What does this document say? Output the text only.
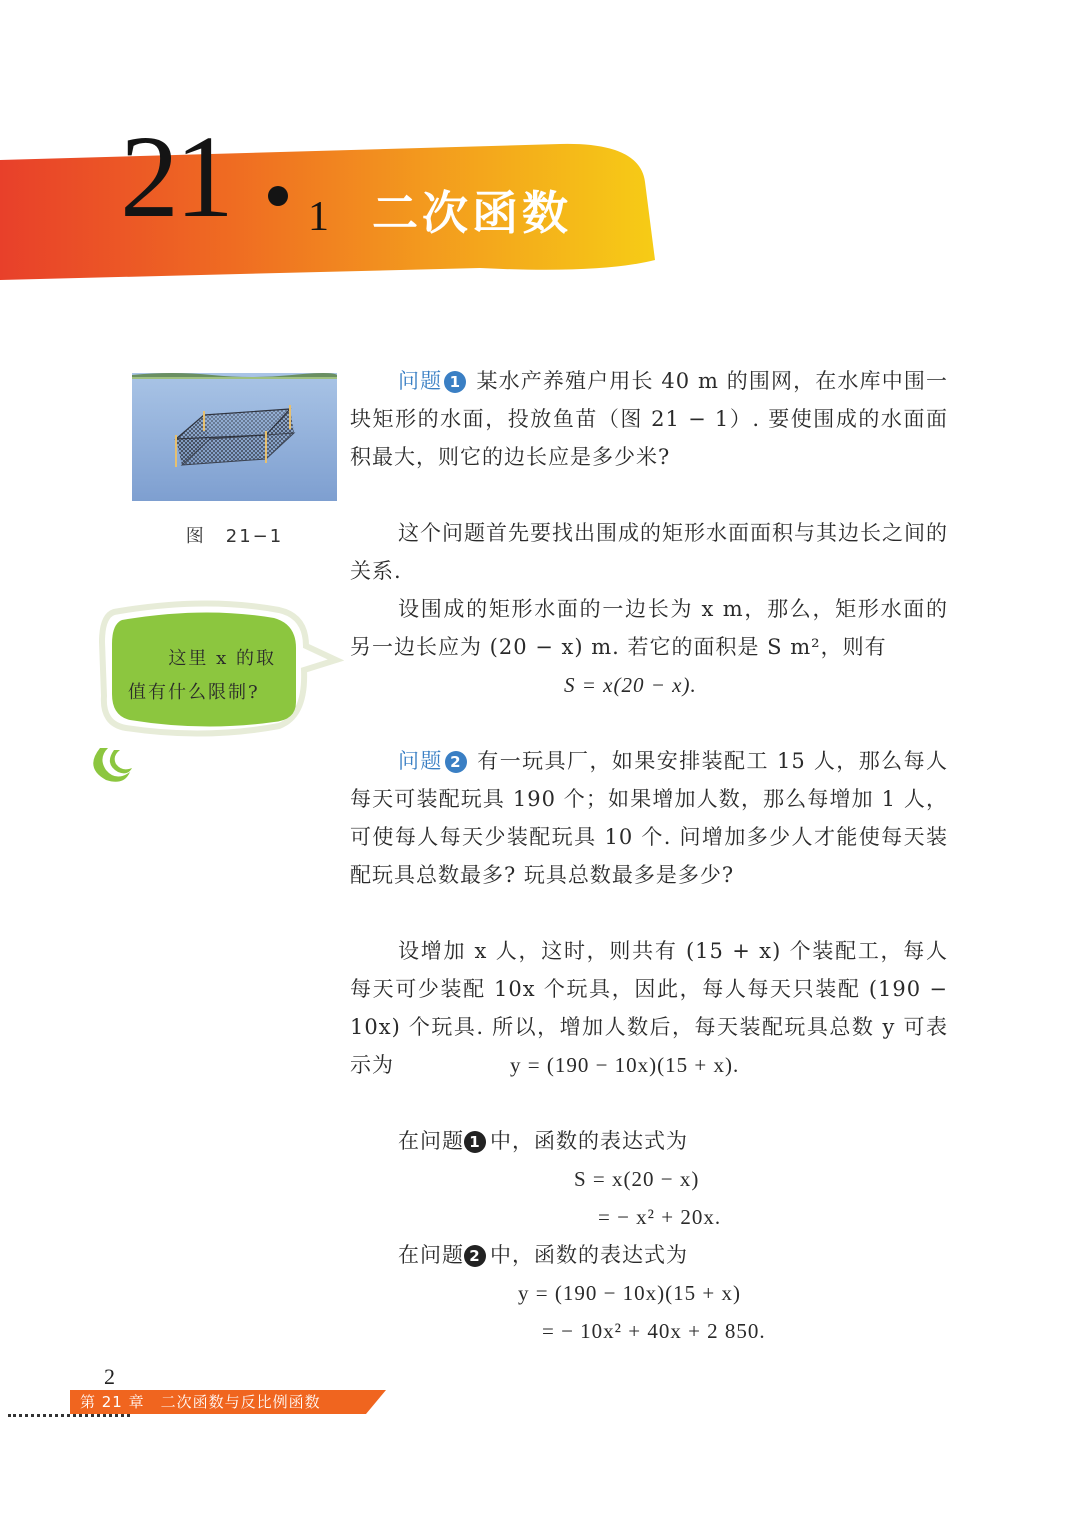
21 1 二次函数
图　21−1
这里 x 的取
值有什么限制?
问题 1 某水产养殖户用长 40 m 的围网，在水库中围一块矩形的水面，投放鱼苗（图 21 − 1）. 要使围成的水面面积最大，则它的边长应是多少米?
这个问题首先要找出围成的矩形水面面积与其边长之间的关系.
设围成的矩形水面的一边长为 x m，那么，矩形水面的另一边长应为 (20 − x) m. 若它的面积是 S m²，则有
S = x(20 − x).
问题 2 有一玩具厂，如果安排装配工 15 人，那么每人每天可装配玩具 190 个；如果增加人数，那么每增加 1 人，可使每人每天少装配玩具 10 个. 问增加多少人才能使每天装配玩具总数最多? 玩具总数最多是多少?
设增加 x 人，这时，则共有 (15 + x) 个装配工，每人每天可少装配 10x 个玩具，因此，每人每天只装配 (190 − 10x) 个玩具. 所以，增加人数后，每天装配玩具总数 y 可表示为	y = (190 − 10x)(15 + x).
在问题 1 中，函数的表达式为
S = x(20 − x)
= − x² + 20x.
在问题 2 中，函数的表达式为
y = (190 − 10x)(15 + x)
= − 10x² + 40x + 2 850.
2
第 21 章　二次函数与反比例函数
